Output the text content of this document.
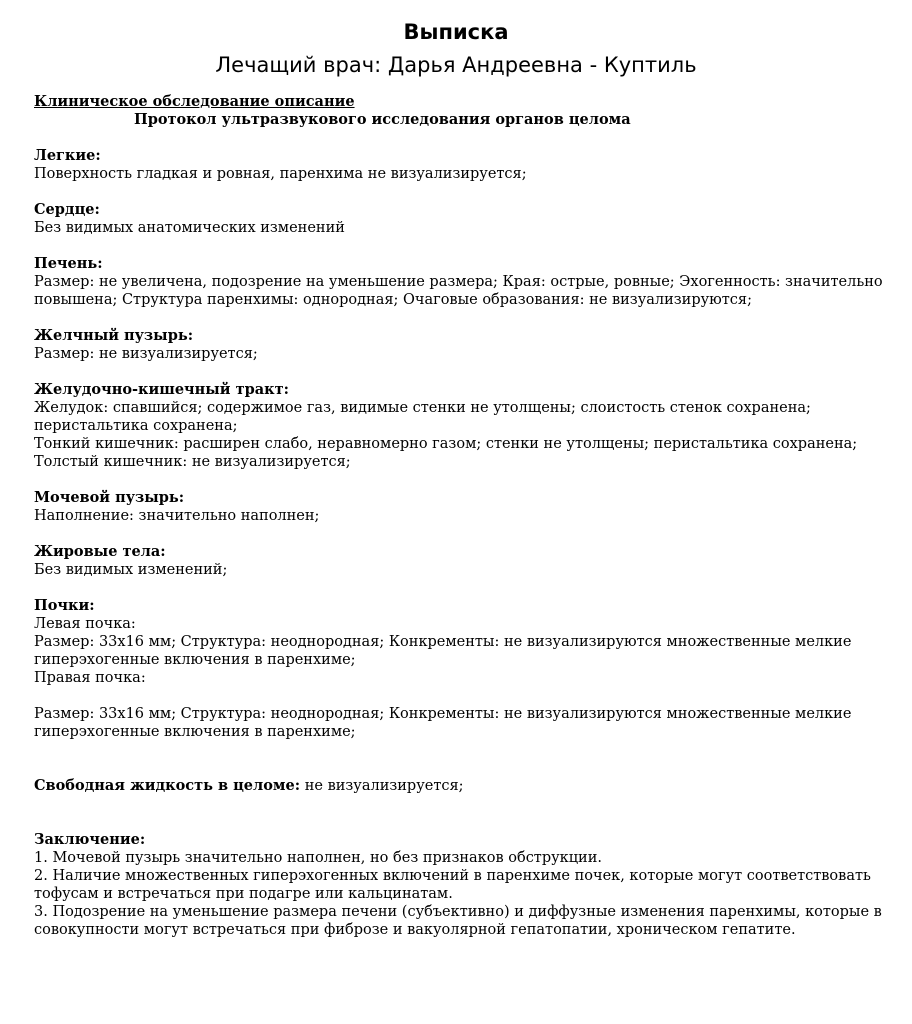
Выписка
Лечащий врач: Дарья Андреевна - Куптиль
Клиническое обследование описание
Протокол ультразвукового исследования органов целома
Легкие:
Поверхность гладкая и ровная, паренхима не визуализируется;
Сердце:
Без видимых анатомических изменений
Печень:
Размер: не увеличена, подозрение на уменьшение размера; Края: острые, ровные; Эхогенность: значительно повышена; Структура паренхимы: однородная; Очаговые образования: не визуализируются;
Желчный пузырь:
Размер: не визуализируется;
Желудочно-кишечный тракт:
Желудок: спавшийся; содержимое газ, видимые стенки не утолщены; слоистость стенок сохранена; перистальтика сохранена;
Тонкий кишечник: расширен слабо, неравномерно газом; стенки не утолщены; перистальтика сохранена;
Толстый кишечник: не визуализируется;
Мочевой пузырь:
Наполнение: значительно наполнен;
Жировые тела:
Без видимых изменений;
Почки:
Левая почка:
Размер: 33х16 мм; Структура: неоднородная; Конкременты: не визуализируются множественные мелкие гиперэхогенные включения в паренхиме;
Правая почка:
Размер: 33х16 мм; Структура: неоднородная; Конкременты: не визуализируются множественные мелкие гиперэхогенные включения в паренхиме;
Свободная жидкость в целоме: не визуализируется;
Заключение:
1. Мочевой пузырь значительно наполнен, но без признаков обструкции.
2. Наличие множественных гиперэхогенных включений в паренхиме почек, которые могут соответствовать тофусам и встречаться при подагре или кальцинатам.
3. Подозрение на уменьшение размера печени (субъективно) и диффузные изменения паренхимы, которые в совокупности могут встречаться при фиброзе и вакуолярной гепатопатии, хроническом гепатите.
